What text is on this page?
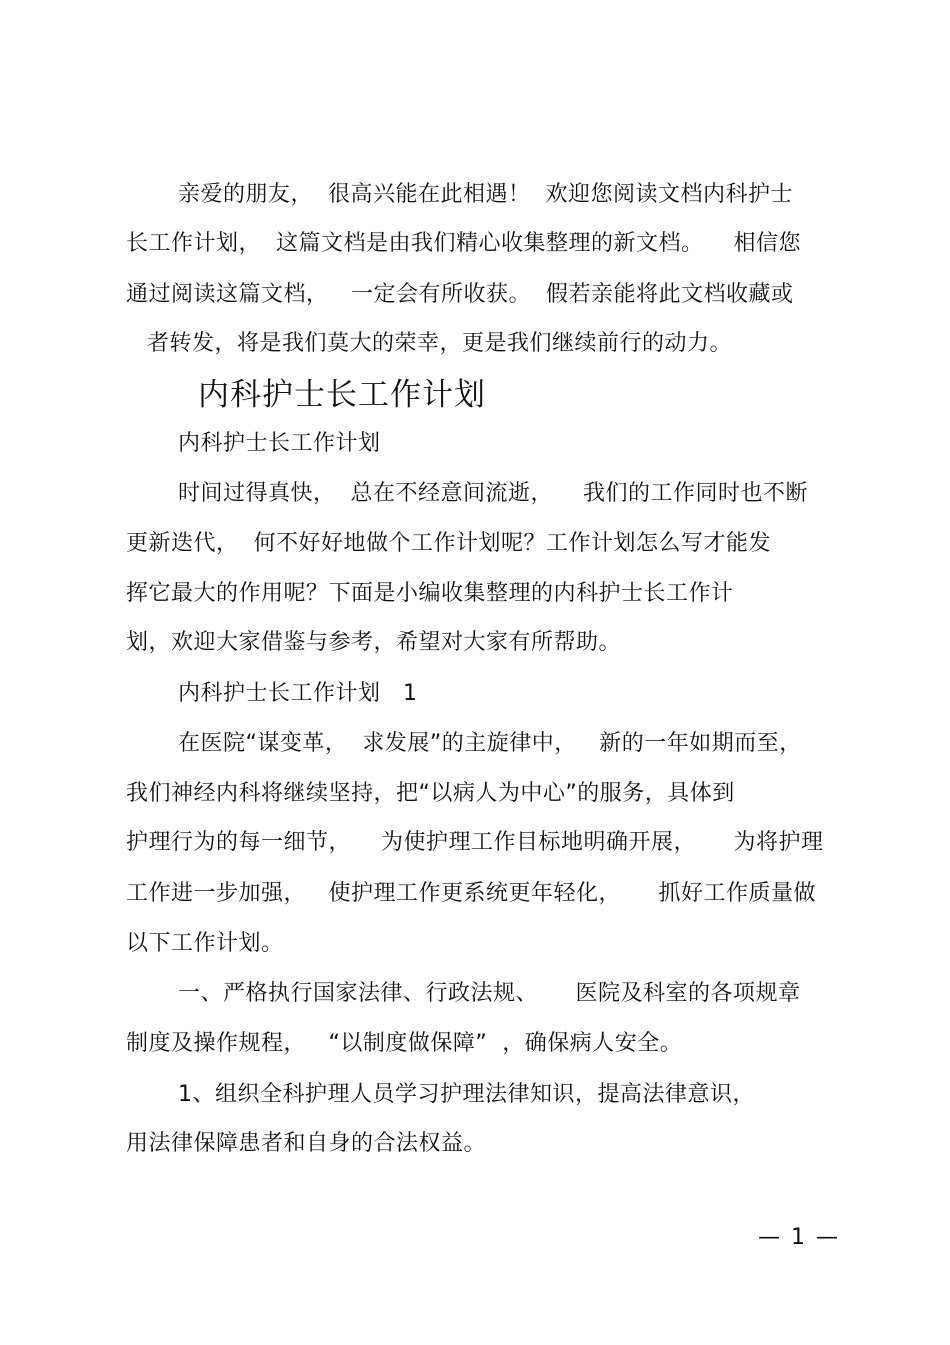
亲爱的朋友，  很高兴能在此相遇！  欢迎您阅读文档内科护士
长工作计划，  这篇文档是由我们精心收集整理的新文档。    相信您
通过阅读这篇文档，   一定会有所收获。  假若亲能将此文档收藏或
者转发，将是我们莫大的荣幸，更是我们继续前行的动力。
内科护士长工作计划
内科护士长工作计划
时间过得真快，  总在不经意间流逝，    我们的工作同时也不断
更新迭代，  何不好好地做个工作计划呢？工作计划怎么写才能发
挥它最大的作用呢？下面是小编收集整理的内科护士长工作计
划，欢迎大家借鉴与参考，希望对大家有所帮助。
内科护士长工作计划   1
在医院“谋变革，  求发展”的主旋律中，   新的一年如期而至，
我们神经内科将继续坚持，把“以病人为中心”的服务，具体到
护理行为的每一细节，    为使护理工作目标地明确开展，     为将护理
工作进一步加强，   使护理工作更系统更年轻化，     抓好工作质量做
以下工作计划。
一、严格执行国家法律、行政法规、     医院及科室的各项规章
制度及操作规程，   “以制度做保障”  ，确保病人安全。
1、组织全科护理人员学习护理法律知识，提高法律意识，
用法律保障患者和自身的合法权益。
— 1 —
